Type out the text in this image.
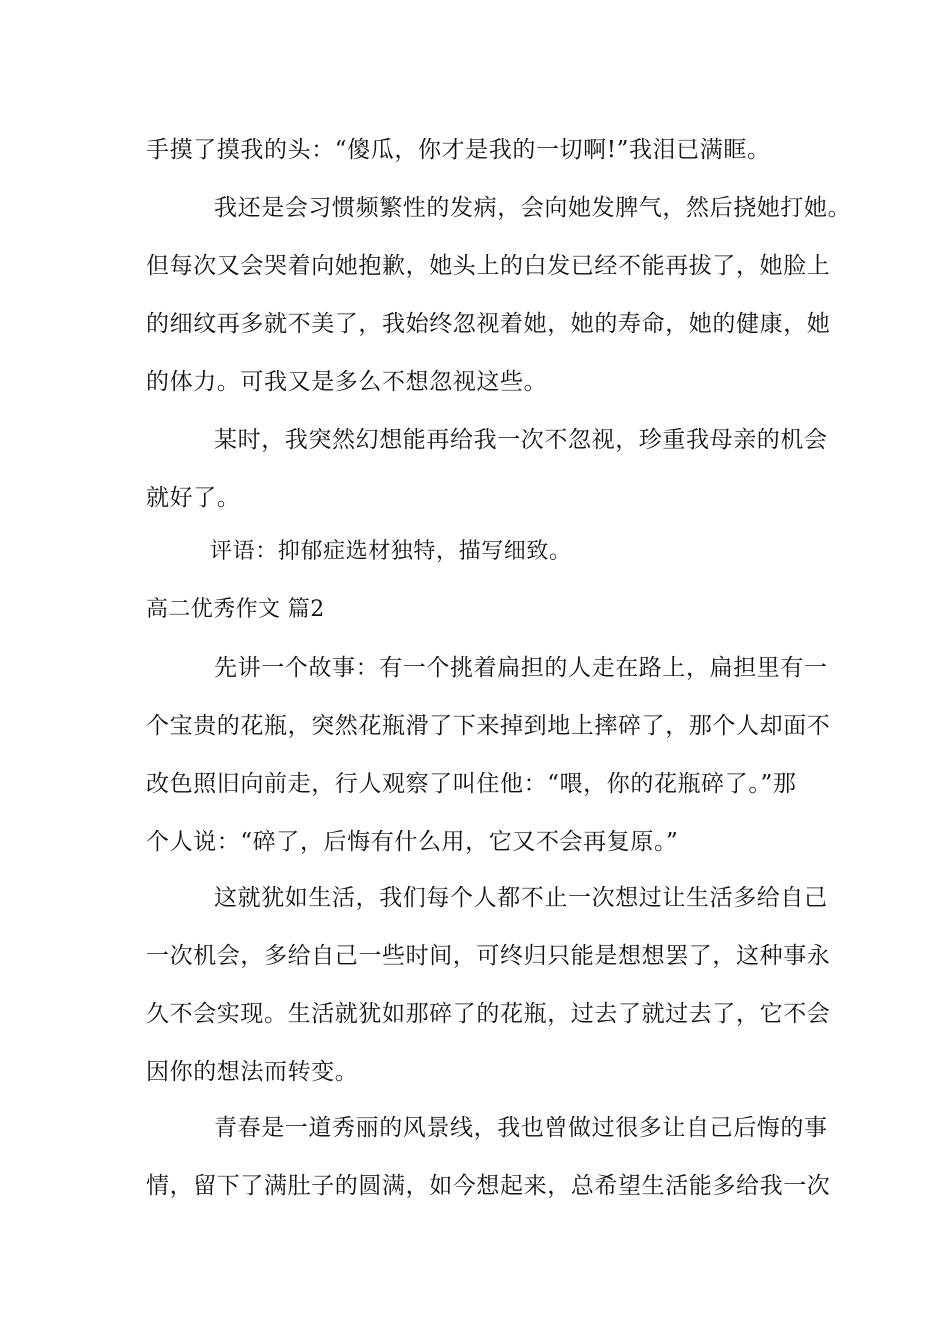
手摸了摸我的头：“傻瓜，你才是我的一切啊!”我泪已满眶。
我还是会习惯频繁性的发病，会向她发脾气，然后挠她打她。
但每次又会哭着向她抱歉，她头上的白发已经不能再拔了，她脸上
的细纹再多就不美了，我始终忽视着她，她的寿命，她的健康，她
的体力。可我又是多么不想忽视这些。
某时，我突然幻想能再给我一次不忽视，珍重我母亲的机会
就好了。
评语：抑郁症选材独特，描写细致。
高二优秀作文 篇2
先讲一个故事：有一个挑着扁担的人走在路上，扁担里有一
个宝贵的花瓶，突然花瓶滑了下来掉到地上摔碎了，那个人却面不
改色照旧向前走，行人观察了叫住他：“喂，你的花瓶碎了。”那
个人说：“碎了，后悔有什么用，它又不会再复原。”
这就犹如生活，我们每个人都不止一次想过让生活多给自己
一次机会，多给自己一些时间，可终归只能是想想罢了，这种事永
久不会实现。生活就犹如那碎了的花瓶，过去了就过去了，它不会
因你的想法而转变。
青春是一道秀丽的风景线，我也曾做过很多让自己后悔的事
情，留下了满肚子的圆满，如今想起来，总希望生活能多给我一次
